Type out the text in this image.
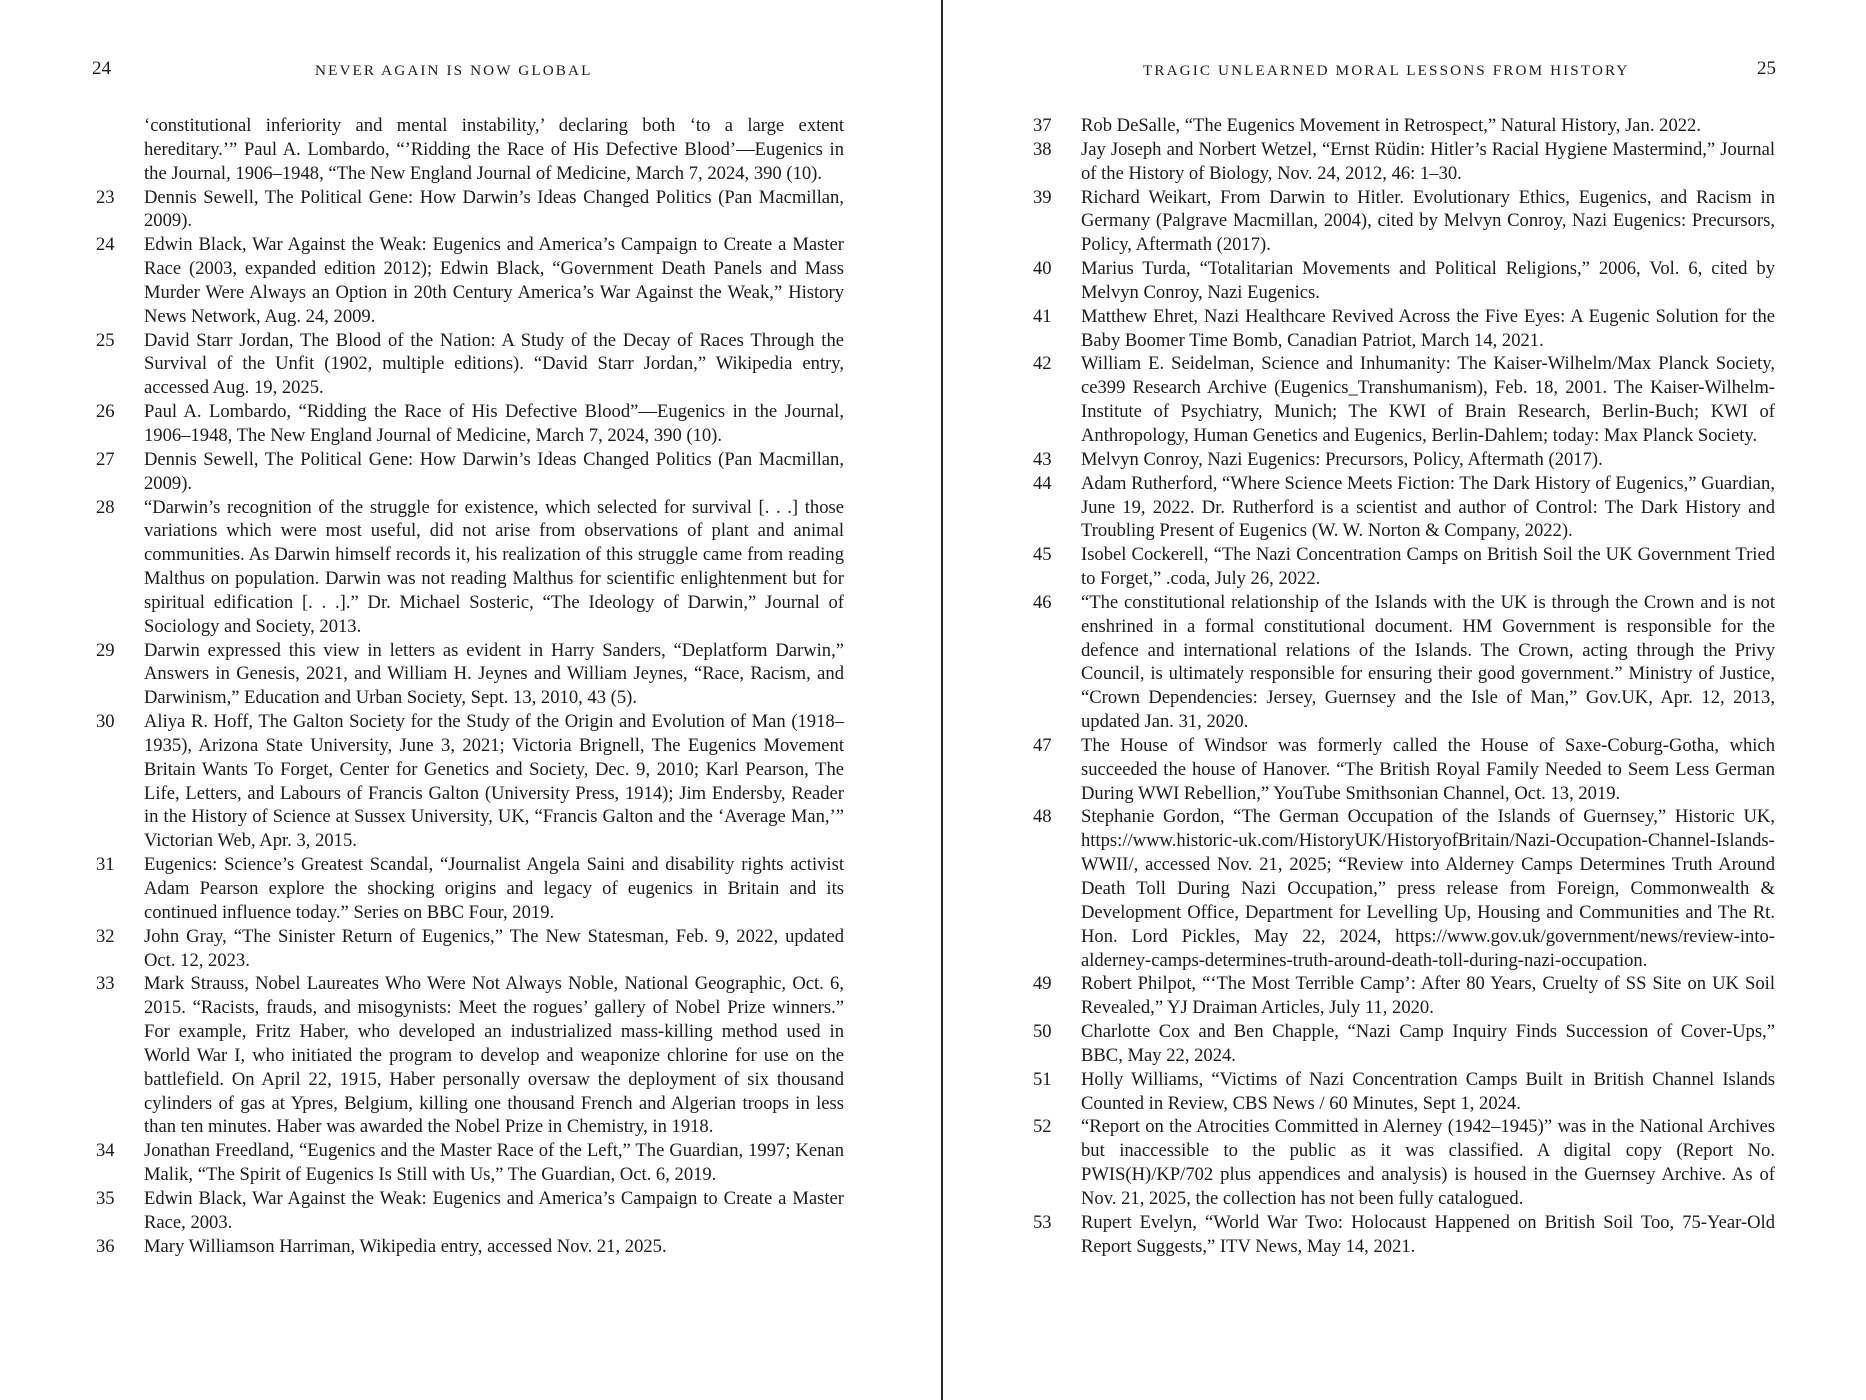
24	NEVER AGAIN IS NOW GLOBAL
‘constitutional inferiority and mental instability,’ declaring both ‘to a large extent hereditary.’” Paul A. Lombardo, “’Ridding the Race of His Defective Blood’—Eugenics in the Journal, 1906–1948, “The New England Journal of Medicine, March 7, 2024, 390 (10).
23	Dennis Sewell, The Political Gene: How Darwin’s Ideas Changed Politics (Pan Macmillan, 2009).
24	Edwin Black, War Against the Weak: Eugenics and America’s Campaign to Create a Master Race (2003, expanded edition 2012); Edwin Black, “Government Death Panels and Mass Murder Were Always an Option in 20th Century America’s War Against the Weak,” History News Network, Aug. 24, 2009.
25	David Starr Jordan, The Blood of the Nation: A Study of the Decay of Races Through the Survival of the Unfit (1902, multiple editions). “David Starr Jordan,” Wikipedia entry, accessed Aug. 19, 2025.
26	Paul A. Lombardo, “Ridding the Race of His Defective Blood”—Eugenics in the Journal, 1906–1948, The New England Journal of Medicine, March 7, 2024, 390 (10).
27	Dennis Sewell, The Political Gene: How Darwin’s Ideas Changed Politics (Pan Macmillan, 2009).
28	“Darwin’s recognition of the struggle for existence, which selected for survival [. . .] those variations which were most useful, did not arise from observations of plant and animal communities. As Darwin himself records it, his realization of this struggle came from reading Malthus on population. Darwin was not reading Malthus for scientific enlightenment but for spiritual edification [. . .].” Dr. Michael Sosteric, “The Ideology of Darwin,” Journal of Sociology and Society, 2013.
29	Darwin expressed this view in letters as evident in Harry Sanders, “Deplatform Darwin,” Answers in Genesis, 2021, and William H. Jeynes and William Jeynes, “Race, Racism, and Darwinism,” Education and Urban Society, Sept. 13, 2010, 43 (5).
30	Aliya R. Hoff, The Galton Society for the Study of the Origin and Evolution of Man (1918–1935), Arizona State University, June 3, 2021; Victoria Brignell, The Eugenics Movement Britain Wants To Forget, Center for Genetics and Society, Dec. 9, 2010; Karl Pearson, The Life, Letters, and Labours of Francis Galton (University Press, 1914); Jim Endersby, Reader in the History of Science at Sussex University, UK, “Francis Galton and the ‘Average Man,’” Victorian Web, Apr. 3, 2015.
31	Eugenics: Science’s Greatest Scandal, “Journalist Angela Saini and disability rights activist Adam Pearson explore the shocking origins and legacy of eugenics in Britain and its continued influence today.” Series on BBC Four, 2019.
32	John Gray, “The Sinister Return of Eugenics,” The New Statesman, Feb. 9, 2022, updated Oct. 12, 2023.
33	Mark Strauss, Nobel Laureates Who Were Not Always Noble, National Geographic, Oct. 6, 2015. “Racists, frauds, and misogynists: Meet the rogues’ gallery of Nobel Prize winners.” For example, Fritz Haber, who developed an industrialized mass-killing method used in World War I, who initiated the program to develop and weaponize chlorine for use on the battlefield. On April 22, 1915, Haber personally oversaw the deployment of six thousand cylinders of gas at Ypres, Belgium, killing one thousand French and Algerian troops in less than ten minutes. Haber was awarded the Nobel Prize in Chemistry, in 1918.
34	Jonathan Freedland, “Eugenics and the Master Race of the Left,” The Guardian, 1997; Kenan Malik, “The Spirit of Eugenics Is Still with Us,” The Guardian, Oct. 6, 2019.
35	Edwin Black, War Against the Weak: Eugenics and America’s Campaign to Create a Master Race, 2003.
36	Mary Williamson Harriman, Wikipedia entry, accessed Nov. 21, 2025.
TRAGIC UNLEARNED MORAL LESSONS FROM HISTORY	25
37	Rob DeSalle, “The Eugenics Movement in Retrospect,” Natural History, Jan. 2022.
38	Jay Joseph and Norbert Wetzel, “Ernst Rüdin: Hitler’s Racial Hygiene Mastermind,” Journal of the History of Biology, Nov. 24, 2012, 46: 1–30.
39	Richard Weikart, From Darwin to Hitler. Evolutionary Ethics, Eugenics, and Racism in Germany (Palgrave Macmillan, 2004), cited by Melvyn Conroy, Nazi Eugenics: Precursors, Policy, Aftermath (2017).
40	Marius Turda, “Totalitarian Movements and Political Religions,” 2006, Vol. 6, cited by Melvyn Conroy, Nazi Eugenics.
41	Matthew Ehret, Nazi Healthcare Revived Across the Five Eyes: A Eugenic Solution for the Baby Boomer Time Bomb, Canadian Patriot, March 14, 2021.
42	William E. Seidelman, Science and Inhumanity: The Kaiser-Wilhelm/Max Planck Society, ce399 Research Archive (Eugenics_Transhumanism), Feb. 18, 2001. The Kaiser-Wilhelm-Institute of Psychiatry, Munich; The KWI of Brain Research, Berlin-Buch; KWI of Anthropology, Human Genetics and Eugenics, Berlin-Dahlem; today: Max Planck Society.
43	Melvyn Conroy, Nazi Eugenics: Precursors, Policy, Aftermath (2017).
44	Adam Rutherford, “Where Science Meets Fiction: The Dark History of Eugenics,” Guardian, June 19, 2022. Dr. Rutherford is a scientist and author of Control: The Dark History and Troubling Present of Eugenics (W. W. Norton & Company, 2022).
45	Isobel Cockerell, “The Nazi Concentration Camps on British Soil the UK Government Tried to Forget,” .coda, July 26, 2022.
46	“The constitutional relationship of the Islands with the UK is through the Crown and is not enshrined in a formal constitutional document. HM Government is responsible for the defence and international relations of the Islands. The Crown, acting through the Privy Council, is ultimately responsible for ensuring their good government.” Ministry of Justice, “Crown Dependencies: Jersey, Guernsey and the Isle of Man,” Gov.UK, Apr. 12, 2013, updated Jan. 31, 2020.
47	The House of Windsor was formerly called the House of Saxe-Coburg-Gotha, which succeeded the house of Hanover. “The British Royal Family Needed to Seem Less German During WWI Rebellion,” YouTube Smithsonian Channel, Oct. 13, 2019.
48	Stephanie Gordon, “The German Occupation of the Islands of Guernsey,” Historic UK, https://www.historic-uk.com/HistoryUK/HistoryofBritain/Nazi-Occupation-Channel-Islands-WWII/, accessed Nov. 21, 2025; “Review into Alderney Camps Determines Truth Around Death Toll During Nazi Occupation,” press release from Foreign, Commonwealth & Development Office, Department for Levelling Up, Housing and Communities and The Rt. Hon. Lord Pickles, May 22, 2024, https://www.gov.uk/government/news/review-into-alderney-camps-determines-truth-around-death-toll-during-nazi-occupation.
49	Robert Philpot, “‘The Most Terrible Camp’: After 80 Years, Cruelty of SS Site on UK Soil Revealed,” YJ Draiman Articles, July 11, 2020.
50	Charlotte Cox and Ben Chapple, “Nazi Camp Inquiry Finds Succession of Cover-Ups,” BBC, May 22, 2024.
51	Holly Williams, “Victims of Nazi Concentration Camps Built in British Channel Islands Counted in Review, CBS News / 60 Minutes, Sept 1, 2024.
52	“Report on the Atrocities Committed in Alerney (1942–1945)” was in the National Archives but inaccessible to the public as it was classified. A digital copy (Report No. PWIS(H)/KP/702 plus appendices and analysis) is housed in the Guernsey Archive. As of Nov. 21, 2025, the collection has not been fully catalogued.
53	Rupert Evelyn, “World War Two: Holocaust Happened on British Soil Too, 75-Year-Old Report Suggests,” ITV News, May 14, 2021.
